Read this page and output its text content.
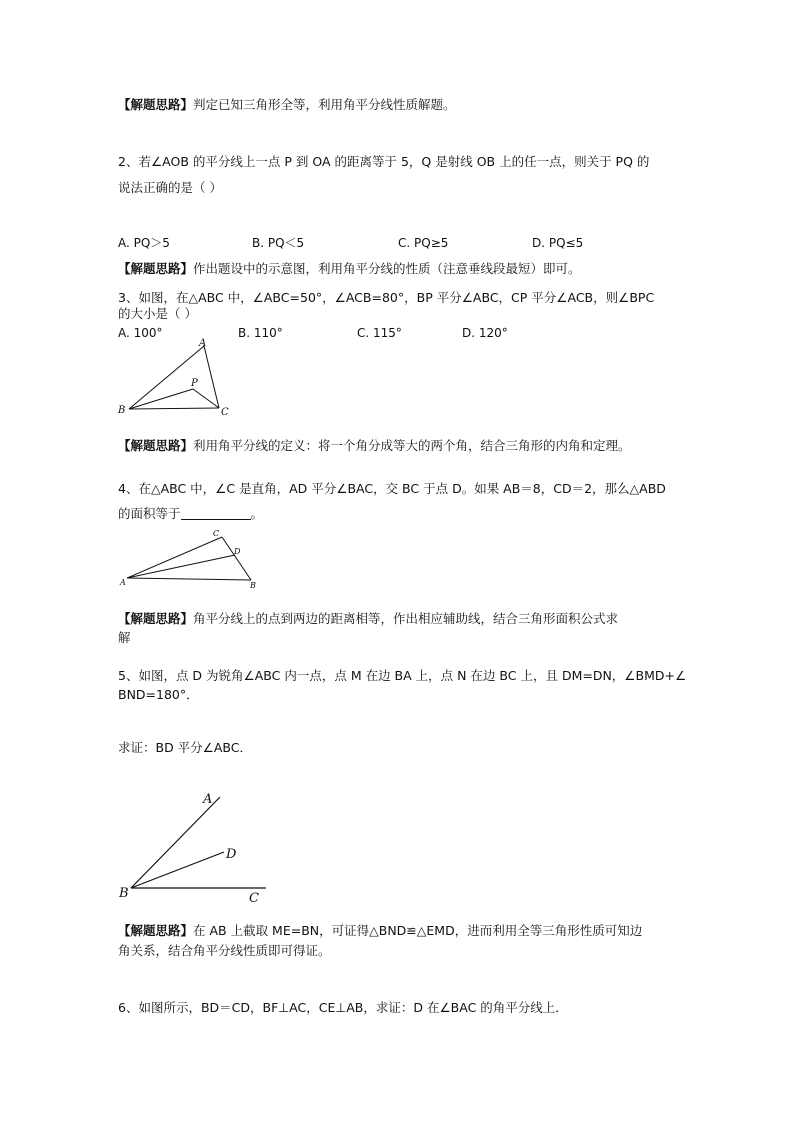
【解题思路】判定已知三角形全等，利用角平分线性质解题。
2、若∠AOB 的平分线上一点 P 到 OA 的距离等于 5，Q 是射线 OB 上的任一点，则关于 PQ 的
说法正确的是（ ）
A. PQ＞5	B. PQ＜5	C. PQ≥5	D. PQ≤5
【解题思路】作出题设中的示意图，利用角平分线的性质（注意垂线段最短）即可。
3、如图，在△ABC 中，∠ABC=50°，∠ACB=80°，BP 平分∠ABC，CP 平分∠ACB，则∠BPC
的大小是（ ）
A. 100°	B. 110°	C. 115°	D. 120°
A
P
B	C
【解题思路】利用角平分线的定义：将一个角分成等大的两个角，结合三角形的内角和定理。
4、在△ABC 中，∠C 是直角，AD 平分∠BAC，交 BC 于点 D。如果 AB＝8，CD＝2，那么△ABD
的面积等于	。
C
D
A	B
【解题思路】角平分线上的点到两边的距离相等，作出相应辅助线，结合三角形面积公式求
解
5、如图，点 D 为锐角∠ABC 内一点，点 M 在边 BA 上，点 N 在边 BC 上，且 DM=DN，∠BMD+∠
BND=180°．
求证：BD 平分∠ABC．
A
D
B	C
【解题思路】在 AB 上截取 ME=BN，可证得△BND≌△EMD，进而利用全等三角形性质可知边
角关系，结合角平分线性质即可得证。
6、如图所示，BD＝CD，BF⊥AC，CE⊥AB，求证：D 在∠BAC 的角平分线上．
